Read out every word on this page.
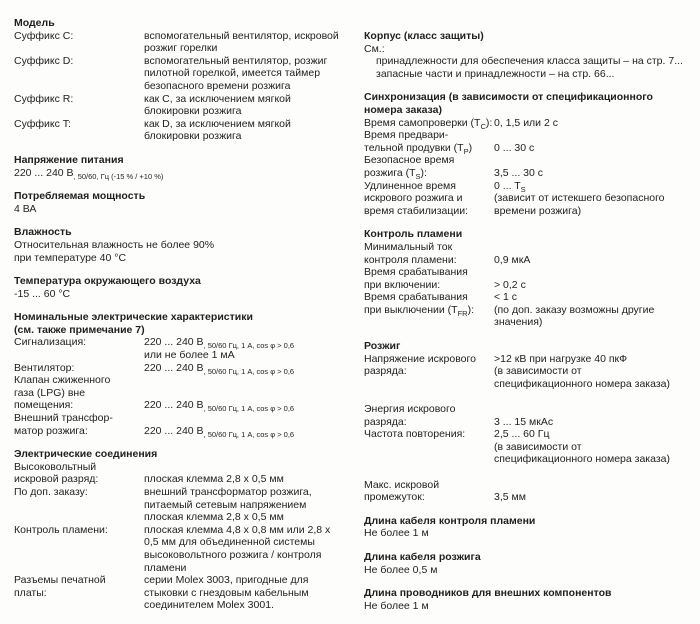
Модель
Суффикс C:	вспомогательный вентилятор, искровой
розжиг горелки
Суффикс D:	вспомогательный вентилятор, розжиг
пилотной горелкой, имеется таймер
безопасного времени розжига
Суффикс R:	как C, за исключением мягкой
блокировки розжига
Суффикс T:	как D, за исключением мягкой
блокировки розжига
Напряжение питания
220 ... 240 $В_{, 50/60, Гц (-15 \% / +10 \%)}$
Потребляемая мощность
4 ВА
Влажность
Относительная влажность не более 90%
при температуре 40 °C
Температура окружающего воздуха
-15 ... 60 °C
Номинальные электрические характеристики
(см. также примечание 7)
Сигнализация:	220 ... 240 $В_{, 50/60 Гц, 1 А, cos \varphi > 0,6}$
или не более 1 мА
Вентилятор:	220 ... 240 $В_{, 50/60 Гц, 1 А, cos \varphi > 0,6}$
Клапан сжиженного
газа (LPG) вне
помещения:	220 ... 240 $В_{, 50/60 Гц, 1 А, cos \varphi > 0,6}$
Внешний трансфор-
матор розжига:	220 ... 240 $В_{, 50/60 Гц, 1 А, cos \varphi > 0,6}$
Электрические соединения
Высоковольтный
искровой разряд:	плоская клемма 2,8 x 0,5 мм
По доп. заказу:	внешний трансформатор розжига,
питаемый сетевым напряжением
плоская клемма 2,8 x 0,5 мм
Контроль пламени:	плоская клемма 4,8 x 0,8 мм или 2,8 x
0,5 мм для объединенной системы
высоковольтного розжига / контроля
пламени
Разъемы печатной	серии Molex 3003, пригодные для
платы:	стыковки с гнездовым кабельным
соединителем Molex 3001.
Корпус (класс защиты)
См.:
принадлежности для обеспечения класса защиты – на стр. 7...
запасные части и принадлежности – на стр. 66...
Синхронизация (в зависимости от спецификационного
номера заказа)
Время самопроверки $(T_C)$: 0, 1,5 или 2 с
Время предвари-
тельной продувки $(T_P)$	0 ... 30 с
Безопасное время
розжига $(T_S)$:	3,5 ... 30 с
Удлиненное время	0 ... $T_S$
искрового розжига и	(зависит от истекшего безопасного
время стабилизации:	времени розжига)
Контроль пламени
Минимальный ток
контроля пламени:	0,9 мкА
Время срабатывания
при включении:	> 0,2 с
Время срабатывания	< 1 с
при выключении $(T_{FR})$:	(по доп. заказу возможны другие
значения)
Розжиг
Напряжение искрового	>12 кВ при нагрузке 40 пкФ
разряда:	(в зависимости от
спецификационного номера заказа)
Энергия искрового
разряда:	3 ... 15 мкАс
Частота повторения:	2,5 ... 60 Гц
(в зависимости от
спецификационного номера заказа)
Макс. искровой
промежуток:	3,5 мм
Длина кабеля контроля пламени
Не более 1 м
Длина кабеля розжига
Не более 0,5 м
Длина проводников для внешних компонентов
Не более 1 м
